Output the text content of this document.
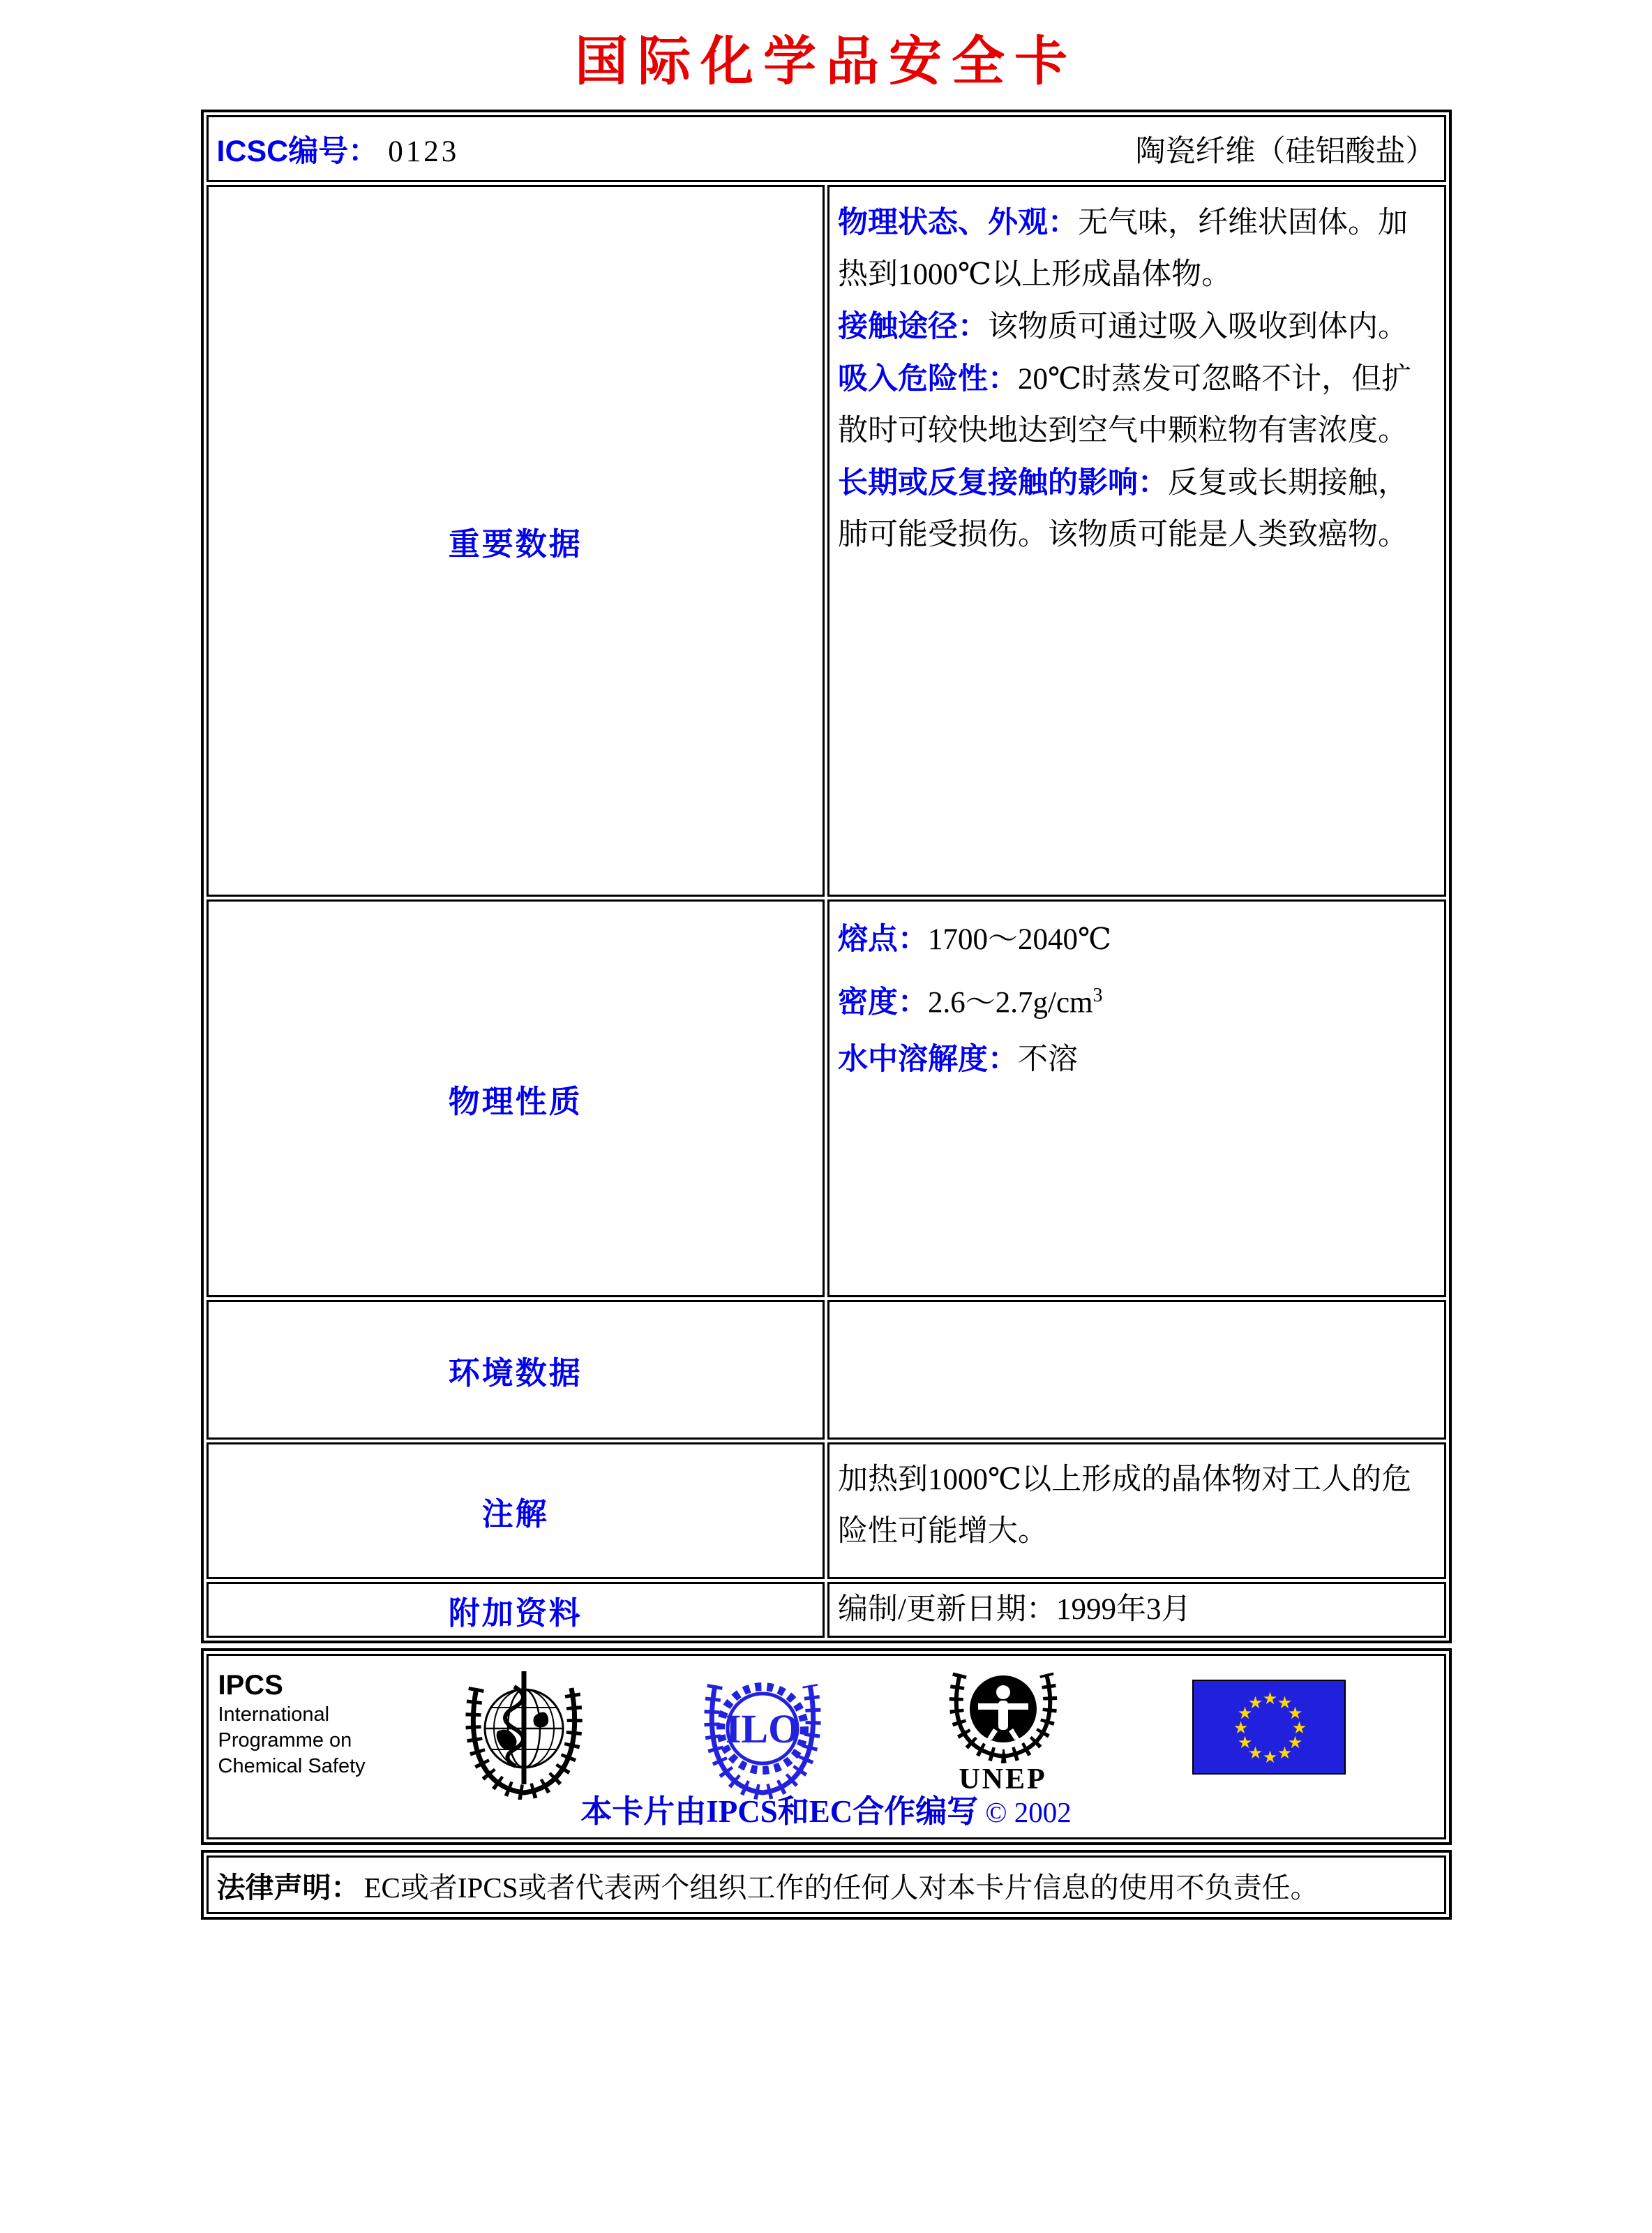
国际化学品安全卡
ICSC编号： 0123 陶瓷纤维（硅铝酸盐）	

重要数据	物理状态、外观：无气味，纤维状固体。加热到1000℃以上形成晶体物。

接触途径：该物质可通过吸入吸收到体内。

吸入危险性：20℃时蒸发可忽略不计，但扩散时可较快地达到空气中颗粒物有害浓度。

长期或反复接触的影响：反复或长期接触，肺可能受损伤。该物质可能是人类致癌物。

物理性质	熔点：1700～2040℃

密度：$2.6\sim 2.7g/cm^3$

水中溶解度：不溶

环境数据	
注解	加热到1000℃以上形成的晶体物对工人的危险性可能增大。
附加资料	编制/更新日期：1999年3月
IPCS
International
Programme on
Chemical Safety
ILO
UNEP
★ ★
★
★
★
★
★
★
★
★
★
★
本卡片由IPCS和EC合作编写 © 2002
法律声明： EC或者IPCS或者代表两个组织工作的任何人对本卡片信息的使用不负责任。
